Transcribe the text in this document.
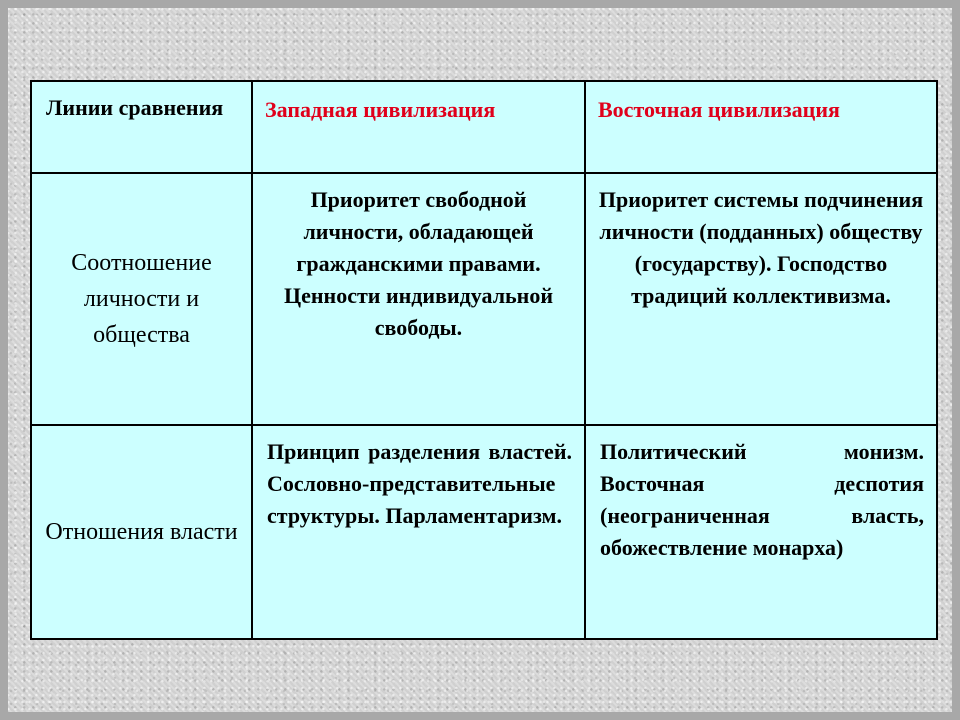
Линии сравнения	Западная цивилизация	Восточная цивилизация
Соотношение личности и общества	Приоритет свободной личности, обладающей гражданскими правами. Ценности индивидуальной свободы.	Приоритет системы подчинения личности (подданных) обществу (государству). Господство традиций коллективизма.
Отношения власти	Принцип разделения властей. Сословно-представительные структуры. Парламентаризм.	Политический монизм. Восточная деспотия (неограниченная власть, обожествление монарха)
